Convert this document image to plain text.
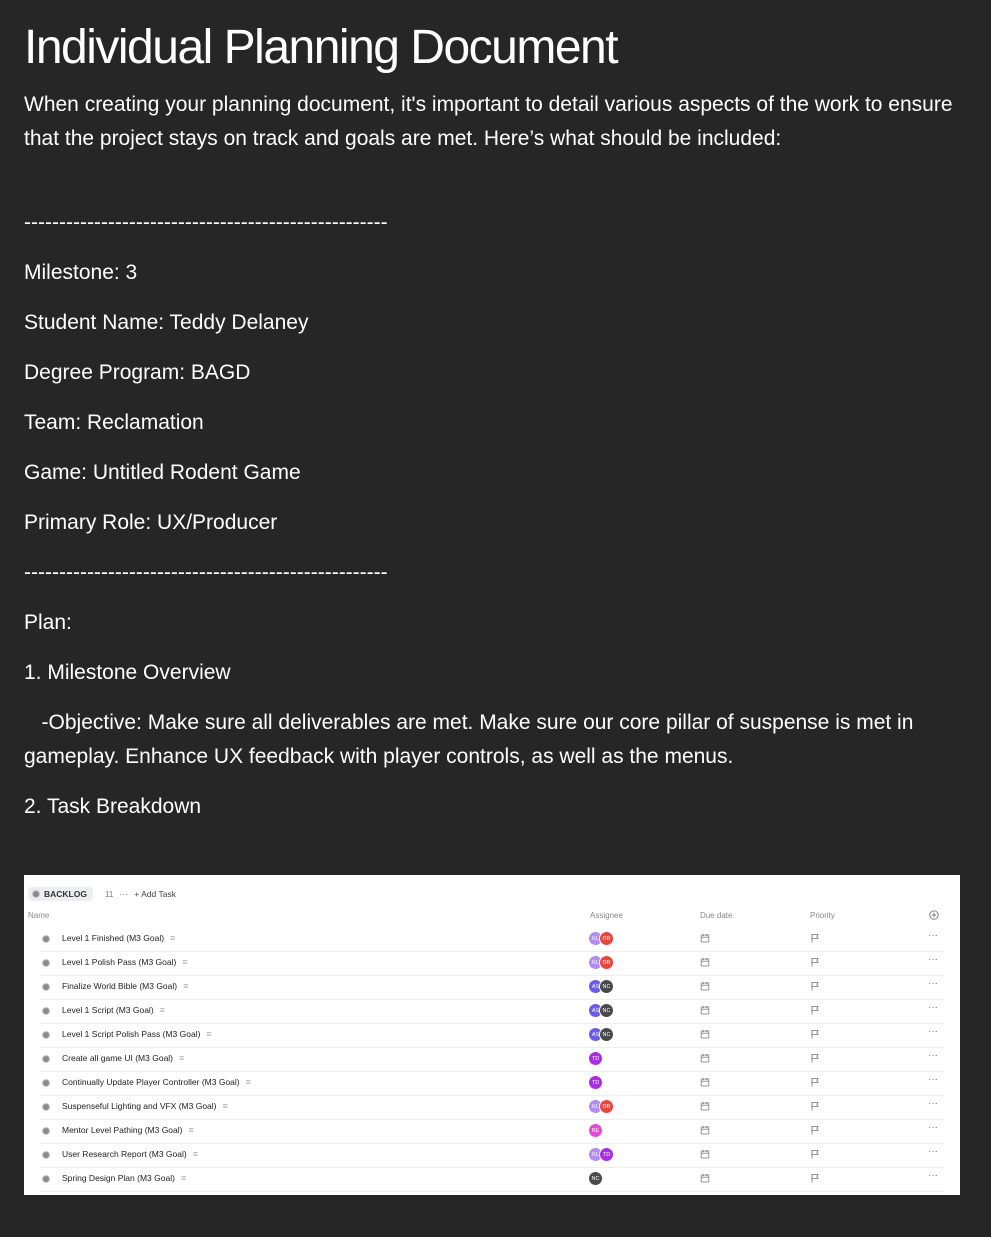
Individual Planning Document

When creating your planning document, it's important to detail various aspects of the work to ensure that the project stays on track and goals are met. Here’s what should be included:

----------------------------------------------------
Milestone: 3
Student Name: Teddy Delaney
Degree Program: BAGD
Team: Reclamation
Game: Untitled Rodent Game
Primary Role: UX/Producer
----------------------------------------------------
Plan:
1. Milestone Overview
-Objective: Make sure all deliverables are met. Make sure our core pillar of suspense is met in gameplay. Enhance UX feedback with player controls, as well as the menus.
2. Task Breakdown
BACKLOG 11 ··· + Add Task
Name	Assignee	Due date	Priority
Level 1 Finished (M3 Goal) ≡	KL DR	···
Level 1 Polish Pass (M3 Goal) ≡	KL DR	···
Finalize World Bible (M3 Goal) ≡	AS NC	···
Level 1 Script (M3 Goal) ≡	AS NC	···
Level 1 Script Polish Pass (M3 Goal) ≡	AS NC	···
Create all game UI (M3 Goal) ≡	TD	···
Continually Update Player Controller (M3 Goal) ≡	TD	···
Suspenseful Lighting and VFX (M3 Goal) ≡	KL DR	···
Mentor Level Pathing (M3 Goal) ≡	BE	···
User Research Report (M3 Goal) ≡	KL TD	···
Spring Design Plan (M3 Goal) ≡	NC	···
